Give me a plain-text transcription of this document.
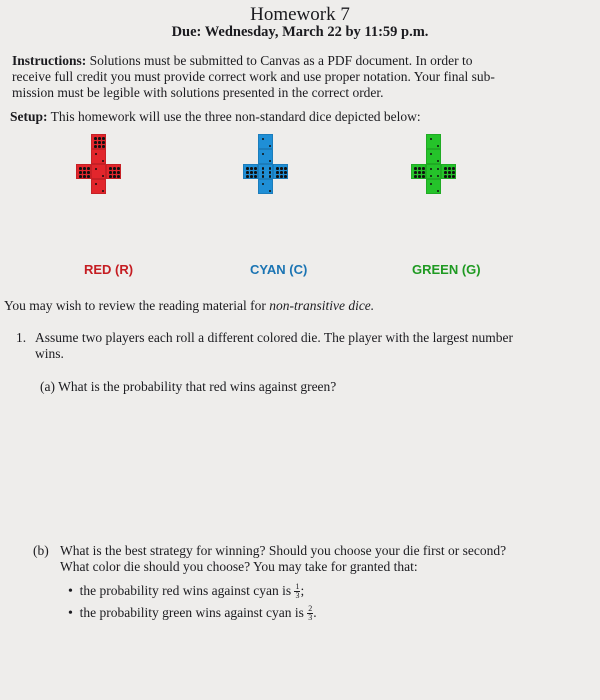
Homework 7
Due: Wednesday, March 22 by 11:59 p.m.
Instructions: Solutions must be submitted to Canvas as a PDF document. In order to
receive full credit you must provide correct work and use proper notation. Your final sub-
mission must be legible with solutions presented in the correct order.
Setup: This homework will use the three non-standard dice depicted below:
RED (R)	CYAN (C)	GREEN (G)
You may wish to review the reading material for non-transitive dice.
1. Assume two players each roll a different colored die. The player with the largest number
wins.
(a) What is the probability that red wins against green?
(b) What is the best strategy for winning? Should you choose your die first or second?
What color die should you choose? You may take for granted that:
• the probability red wins against cyan is $\frac{1}{3}$ ;
• the probability green wins against cyan is $\frac{2}{3}$ .
